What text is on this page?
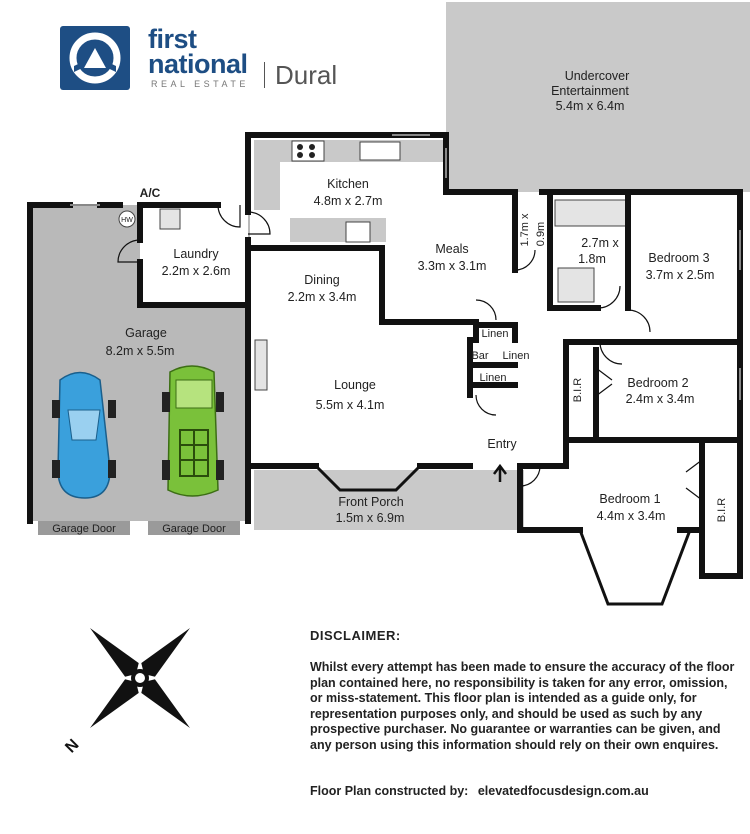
first
national
REAL ESTATE Dural
HW
Undercover
Entertainment
5.4m x 6.4m
Kitchen
4.8m x 2.7m
Meals
3.3m x 3.1m
Laundry
2.2m x 2.6m
Dining
2.2m x 3.4m
Garage
8.2m x 5.5m
Lounge
5.5m x 4.1m
Front Porch
1.5m x 6.9m
1.7m x 0.9m	2.7m x
1.8m	Bedroom 3
3.7m x 2.5m
Bedroom 2
2.4m x 3.4m
Bedroom 1
4.4m x 3.4m
A/C
Linen
Bar Linen
Linen
Entry
B.I.R
B.I.R
Garage Door	Garage Door
N
DISCLAIMER:
Whilst every attempt has been made to ensure the accuracy of the floor plan contained here, no responsibility is taken for any error, omission, or miss-statement. This floor plan is intended as a guide only, for representation purposes only, and should be used as such by any prospective purchaser. No guarantee or warranties can be given, and any person using this information should rely on their own enquires.
Floor Plan constructed by: elevatedfocusdesign.com.au
